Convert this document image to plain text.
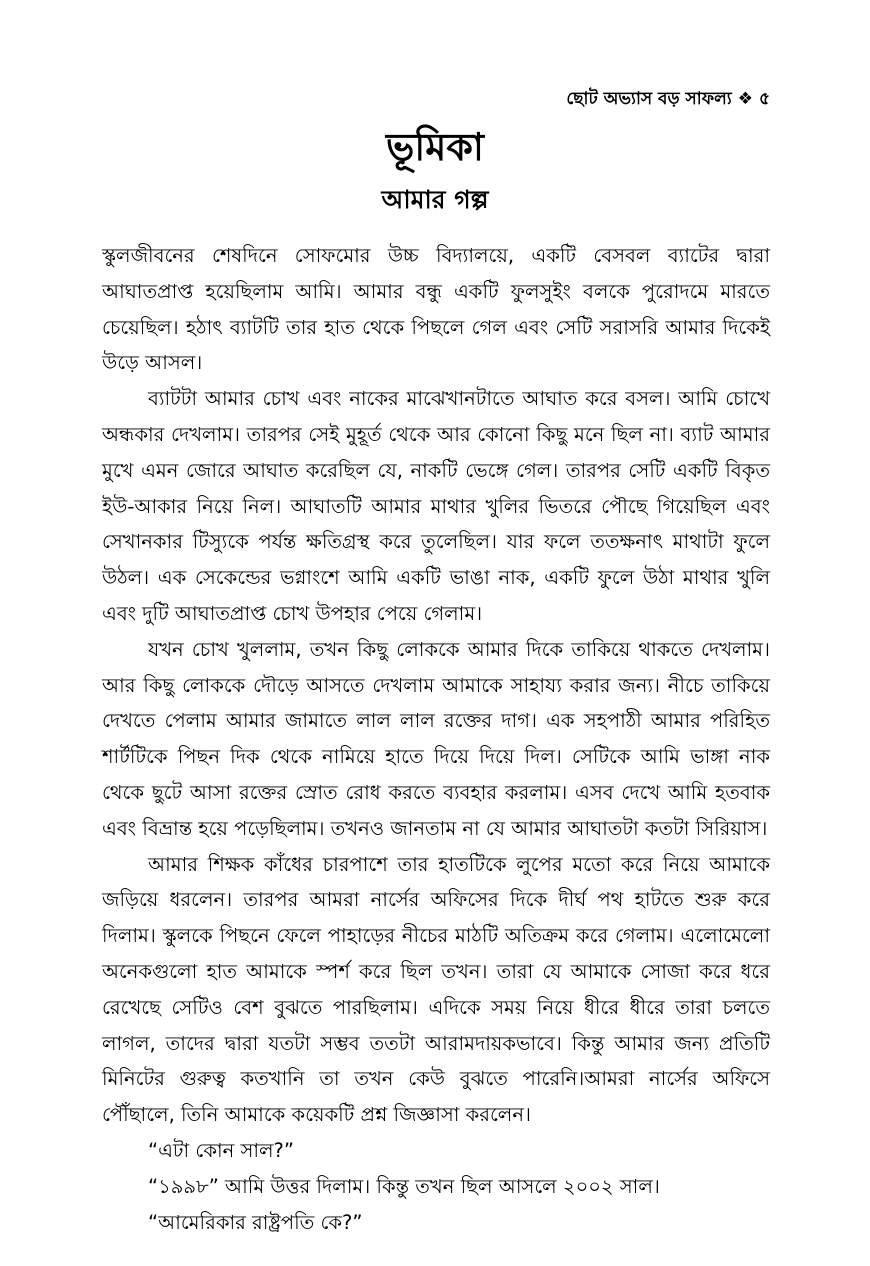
ছোট অভ্যাস বড় সাফল্য ❖ ৫
ভূমিকা
আমার গল্প

স্কুলজীবনের শেষদিনে সোফমোর উচ্চ বিদ্যালয়ে, একটি বেসবল ব্যাটের দ্বারা আঘাতপ্রাপ্ত হয়েছিলাম আমি। আমার বন্ধু একটি ফুলসুইং বলকে পুরোদমে মারতে চেয়েছিল। হঠাৎ ব্যাটটি তার হাত থেকে পিছলে গেল এবং সেটি সরাসরি আমার দিকেই উড়ে আসল।

ব্যাটটা আমার চোখ এবং নাকের মাঝেখানটাতে আঘাত করে বসল। আমি চোখে অন্ধকার দেখলাম। তারপর সেই মুহূর্ত থেকে আর কোনো কিছু মনে ছিল না। ব্যাট আমার মুখে এমন জোরে আঘাত করেছিল যে, নাকটি ভেঙ্গে গেল। তারপর সেটি একটি বিকৃত ইউ-আকার নিয়ে নিল। আঘাতটি আমার মাথার খুলির ভিতরে পৌছে গিয়েছিল এবং সেখানকার টিস্যুকে পর্যন্ত ক্ষতিগ্রস্থ করে তুলেছিল। যার ফলে ততক্ষনাৎ মাথাটা ফুলে উঠল। এক সেকেন্ডের ভগ্নাংশে আমি একটি ভাঙা নাক, একটি ফুলে উঠা মাথার খুলি এবং দুটি আঘাতপ্রাপ্ত চোখ উপহার পেয়ে গেলাম।

যখন চোখ খুললাম, তখন কিছু লোককে আমার দিকে তাকিয়ে থাকতে দেখলাম। আর কিছু লোককে দৌড়ে আসতে দেখলাম আমাকে সাহায্য করার জন্য। নীচে তাকিয়ে দেখতে পেলাম আমার জামাতে লাল লাল রক্তের দাগ। এক সহপাঠী আমার পরিহিত শার্টটিকে পিছন দিক থেকে নামিয়ে হাতে দিয়ে দিয়ে দিল। সেটিকে আমি ভাঙ্গা নাক থেকে ছুটে আসা রক্তের স্রোত রোধ করতে ব্যবহার করলাম। এসব দেখে আমি হতবাক এবং বিভ্রান্ত হয়ে পড়েছিলাম। তখনও জানতাম না যে আমার আঘাতটা কতটা সিরিয়াস।

আমার শিক্ষক কাঁধের চারপাশে তার হাতটিকে লুপের মতো করে নিয়ে আমাকে জড়িয়ে ধরলেন। তারপর আমরা নার্সের অফিসের দিকে দীর্ঘ পথ হাটতে শুরু করে দিলাম। স্কুলকে পিছনে ফেলে পাহাড়ের নীচের মাঠটি অতিক্রম করে গেলাম। এলোমেলো অনেকগুলো হাত আমাকে স্পর্শ করে ছিল তখন। তারা যে আমাকে সোজা করে ধরে রেখেছে সেটিও বেশ বুঝতে পারছিলাম। এদিকে সময় নিয়ে ধীরে ধীরে তারা চলতে লাগল, তাদের দ্বারা যতটা সম্ভব ততটা আরামদায়কভাবে। কিন্তু আমার জন্য প্রতিটি মিনিটের গুরুত্ব কতখানি তা তখন কেউ বুঝতে পারেনি।আমরা নার্সের অফিসে পৌঁছালে, তিনি আমাকে কয়েকটি প্রশ্ন জিজ্ঞাসা করলেন।

“এটা কোন সাল?”

“১৯৯৮” আমি উত্তর দিলাম। কিন্তু তখন ছিল আসলে ২০০২ সাল।

“আমেরিকার রাষ্ট্রপতি কে?”
